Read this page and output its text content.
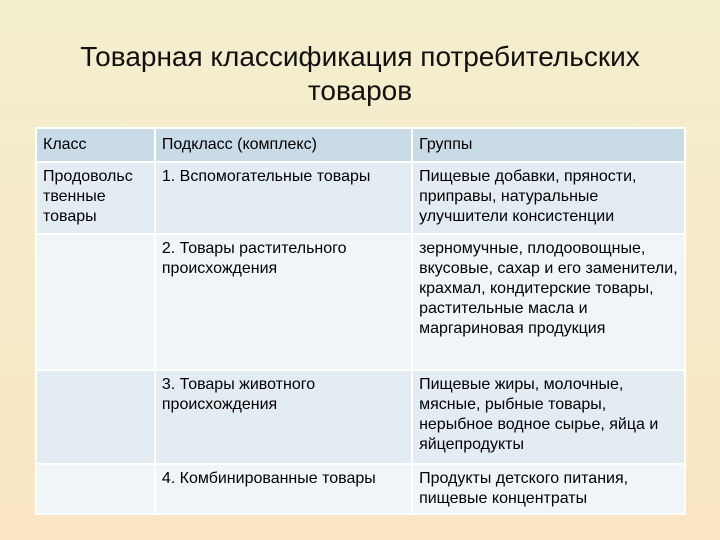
Товарная классификация потребительских
товаров
Класс	Подкласс (комплекс)	Группы
Продовольс твенные товары	1. Вспомогательные товары	Пищевые добавки, пряности, приправы, натуральные улучшители консистенции
	2. Товары растительного происхождения	зерномучные, плодоовощные, вкусовые, сахар и его заменители, крахмал, кондитерские товары, растительные масла и маргариновая продукция
	3. Товары животного происхождения	Пищевые жиры, молочные, мясные, рыбные товары, нерыбное водное сырье, яйца и яйцепродукты
	4. Комбинированные товары	Продукты детского питания, пищевые концентраты
